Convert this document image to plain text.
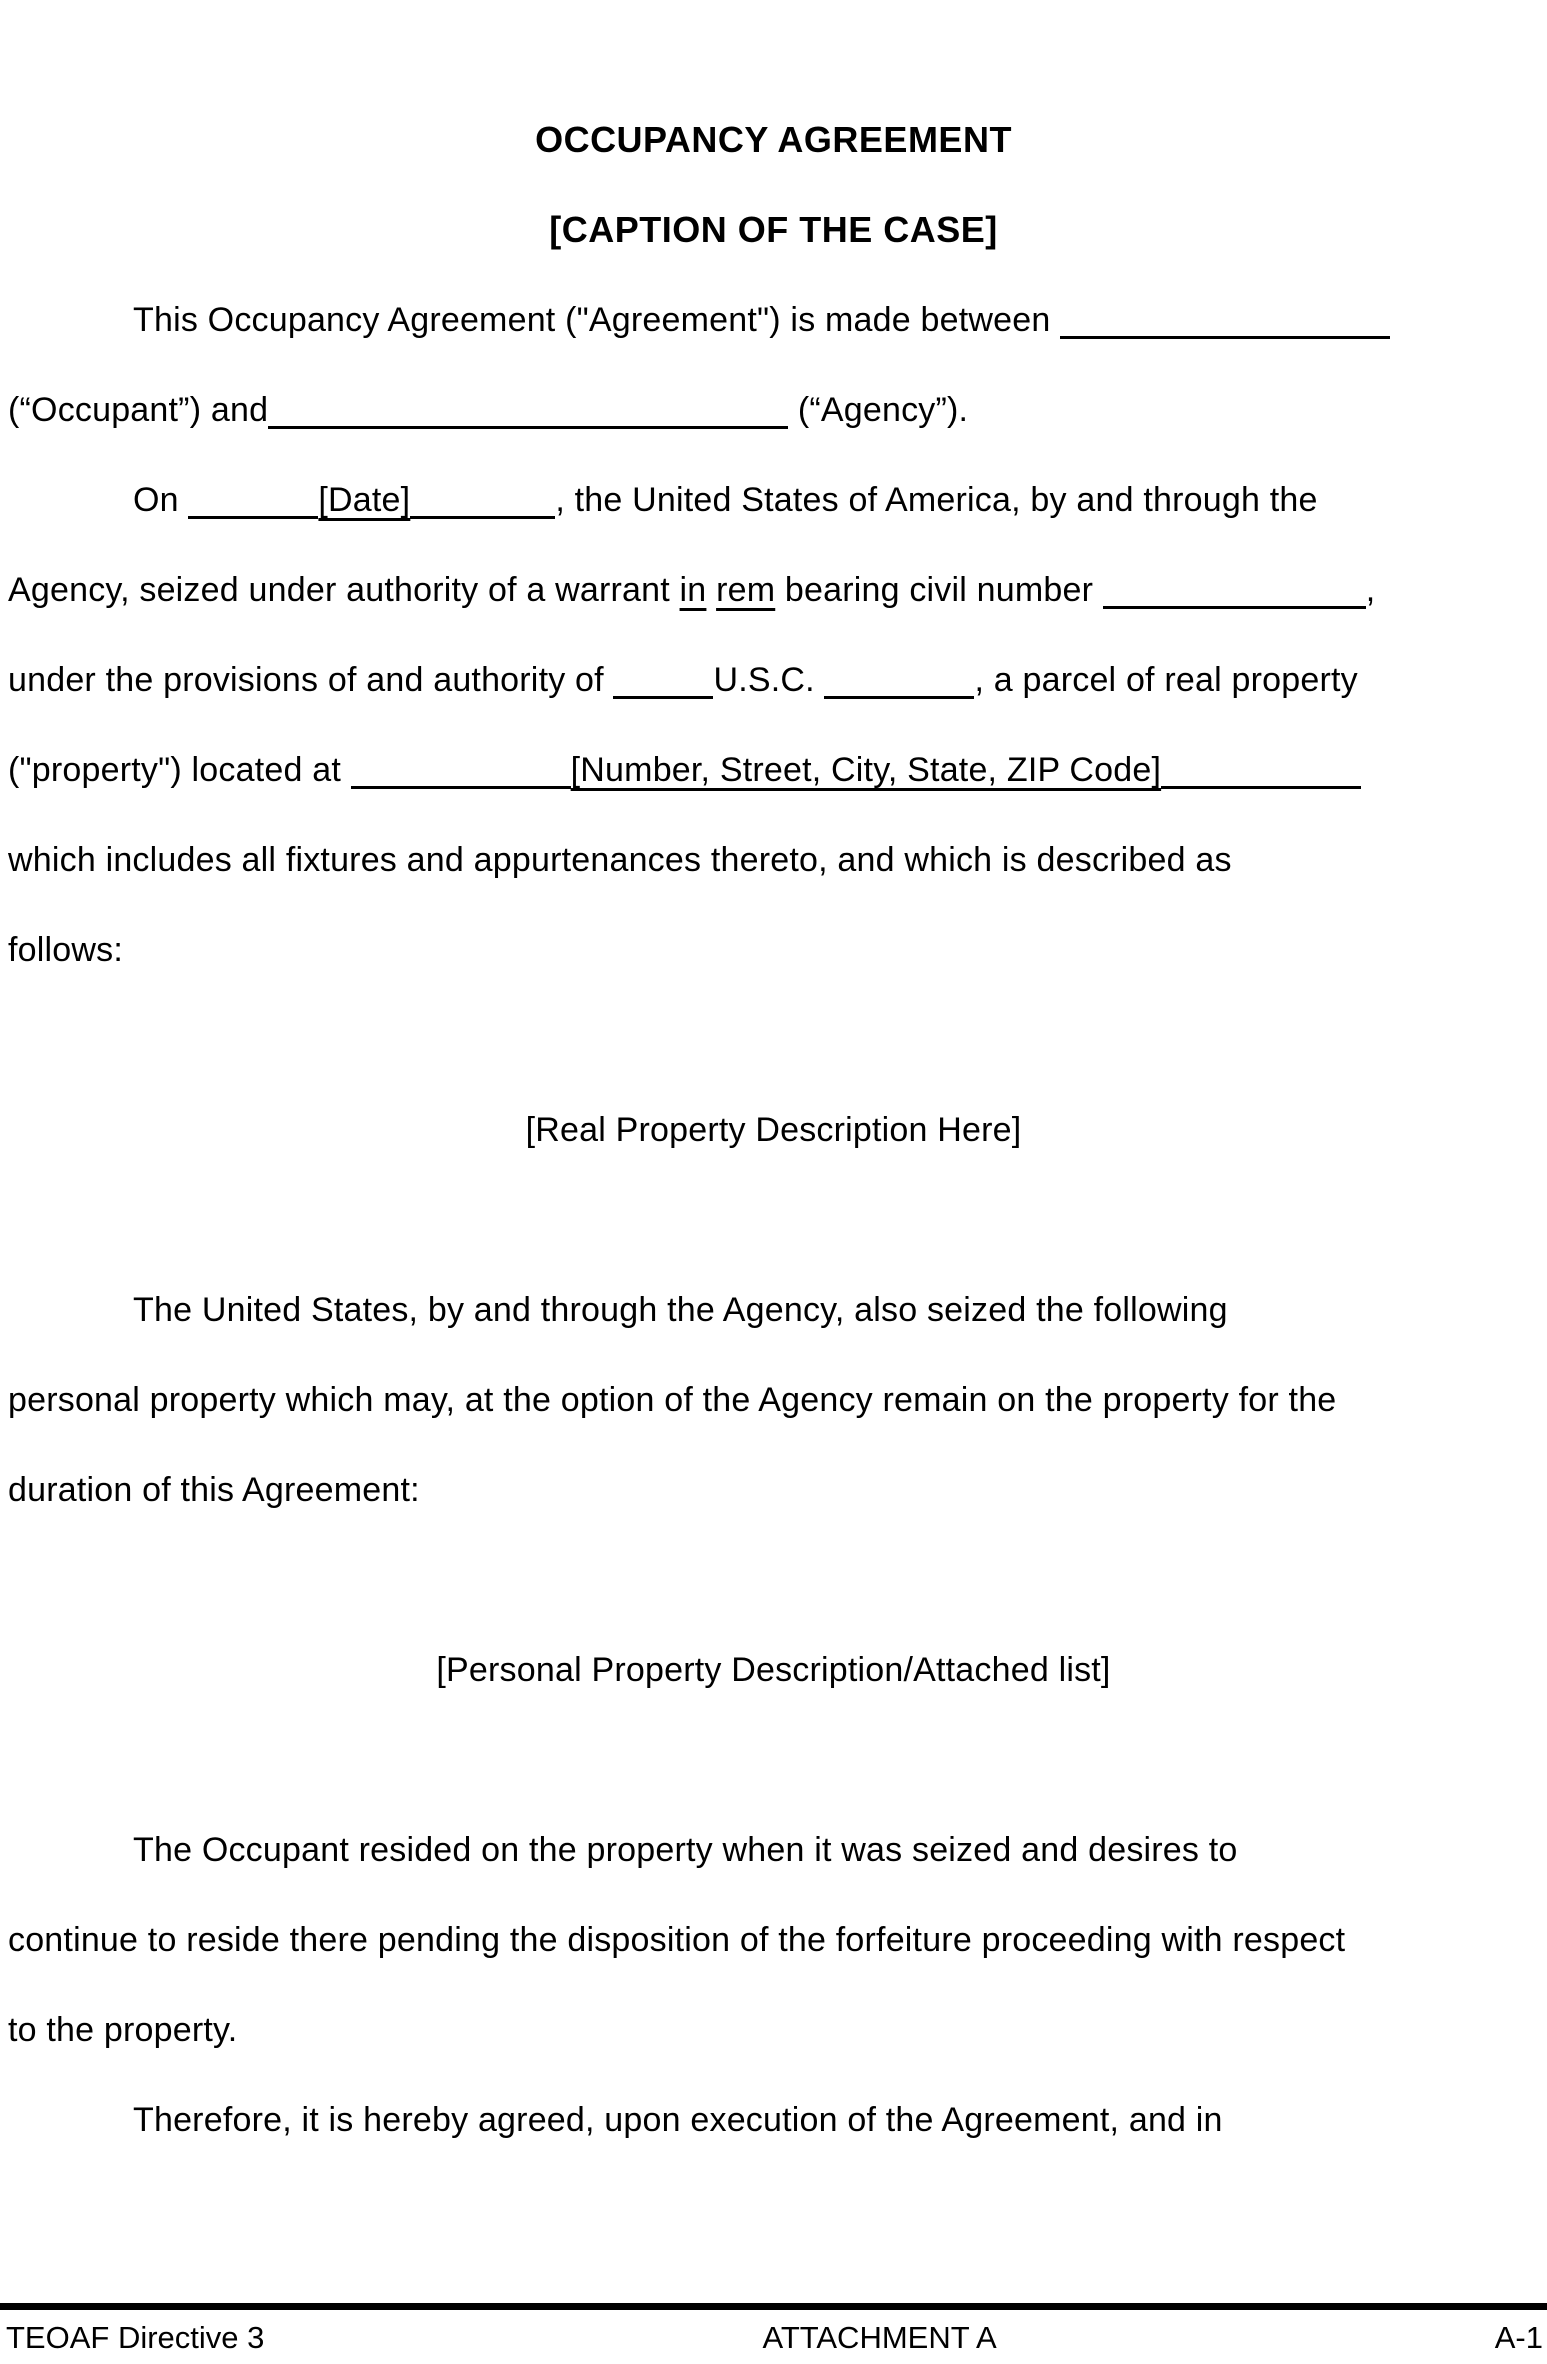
OCCUPANCY AGREEMENT
[CAPTION OF THE CASE]
This Occupancy Agreement ("Agreement") is made between
(“Occupant”) and	(“Agency”).
On	[Date]	, the United States of America, by and through the
Agency, seized under authority of a warrant in rem bearing civil number	,
under the provisions of and authority of	U.S.C.	, a parcel of real property
("property") located at	[Number, Street, City, State, ZIP Code]
which includes all fixtures and appurtenances thereto, and which is described as
follows:
[Real Property Description Here]
The United States, by and through the Agency, also seized the following
personal property which may, at the option of the Agency remain on the property for the
duration of this Agreement:
[Personal Property Description/Attached list]
The Occupant resided on the property when it was seized and desires to
continue to reside there pending the disposition of the forfeiture proceeding with respect
to the property.
Therefore, it is hereby agreed, upon execution of the Agreement, and in
TEOAF Directive 3	ATTACHMENT A	A-1
